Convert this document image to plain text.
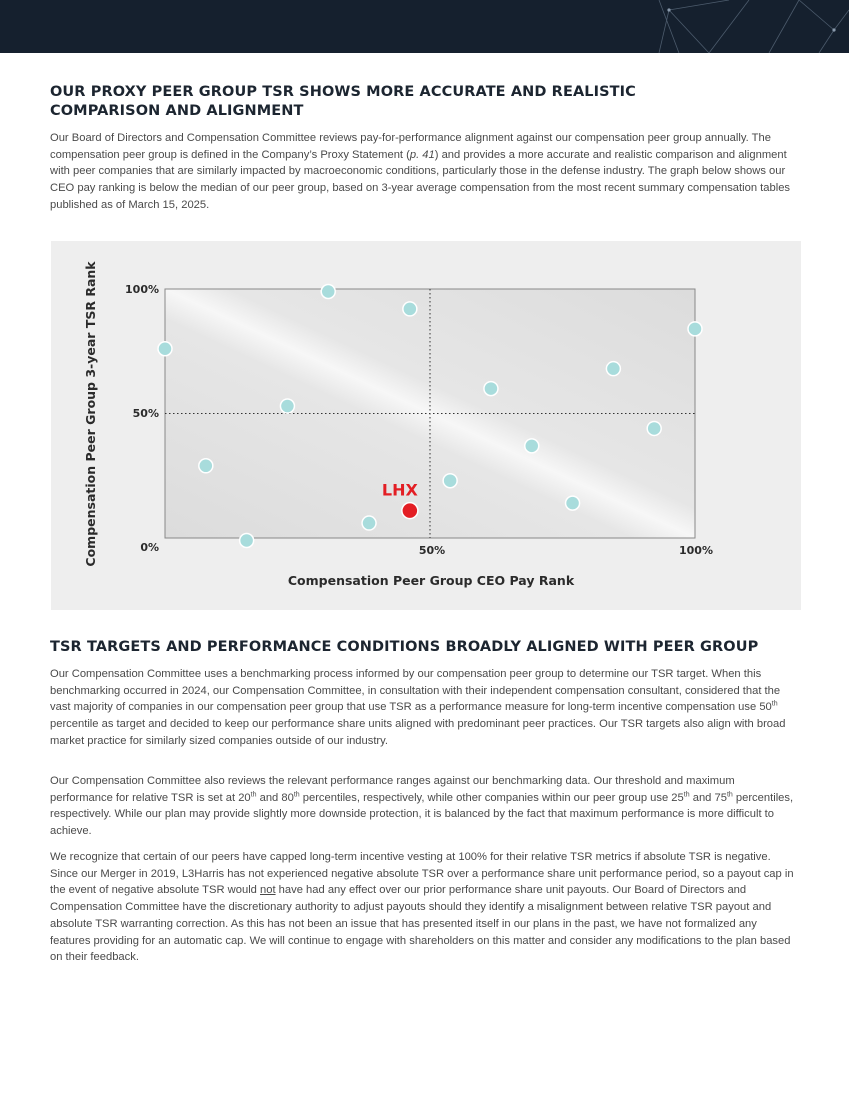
OUR PROXY PEER GROUP TSR SHOWS MORE ACCURATE AND REALISTIC COMPARISON AND ALIGNMENT

Our Board of Directors and Compensation Committee reviews pay-for-performance alignment against our compensation peer group annually. The compensation peer group is defined in the Company’s Proxy Statement (p. 41) and provides a more accurate and realistic comparison and alignment with peer companies that are similarly impacted by macroeconomic conditions, particularly those in the defense industry. The graph below shows our CEO pay ranking is below the median of our peer group, based on 3-year average compensation from the most recent summary compensation tables published as of March 15, 2025.

TSR TARGETS AND PERFORMANCE CONDITIONS BROADLY ALIGNED WITH PEER GROUP

Our Compensation Committee uses a benchmarking process informed by our compensation peer group to determine our TSR target. When this benchmarking occurred in 2024, our Compensation Committee, in consultation with their independent compensation consultant, considered that the vast majority of companies in our compensation peer group that use TSR as a performance measure for long-term incentive compensation use 50th percentile as target and decided to keep our performance share units aligned with predominant peer practices. Our TSR targets also align with broad market practice for similarly sized companies outside of our industry.

Our Compensation Committee also reviews the relevant performance ranges against our benchmarking data. Our threshold and maximum performance for relative TSR is set at 20th and 80th percentiles, respectively, while other companies within our peer group use 25th and 75th percentiles, respectively. While our plan may provide slightly more downside protection, it is balanced by the fact that maximum performance is more difficult to achieve.

We recognize that certain of our peers have capped long-term incentive vesting at 100% for their relative TSR metrics if absolute TSR is negative. Since our Merger in 2019, L3Harris has not experienced negative absolute TSR over a performance share unit performance period, so a payout cap in the event of negative absolute TSR would not have had any effect over our prior performance share unit payouts. Our Board of Directors and Compensation Committee have the discretionary authority to adjust payouts should they identify a misalignment between relative TSR payout and absolute TSR warranting correction. As this has not been an issue that has presented itself in our plans in the past, we have not formalized any features providing for an automatic cap. We will continue to engage with shareholders on this matter and consider any modifications to the plan based on their feedback.

100%
50%
0%	50%	100%
Compensation Peer Group CEO Pay Rank
Compensation Peer Group 3-year TSR Rank	LHX
